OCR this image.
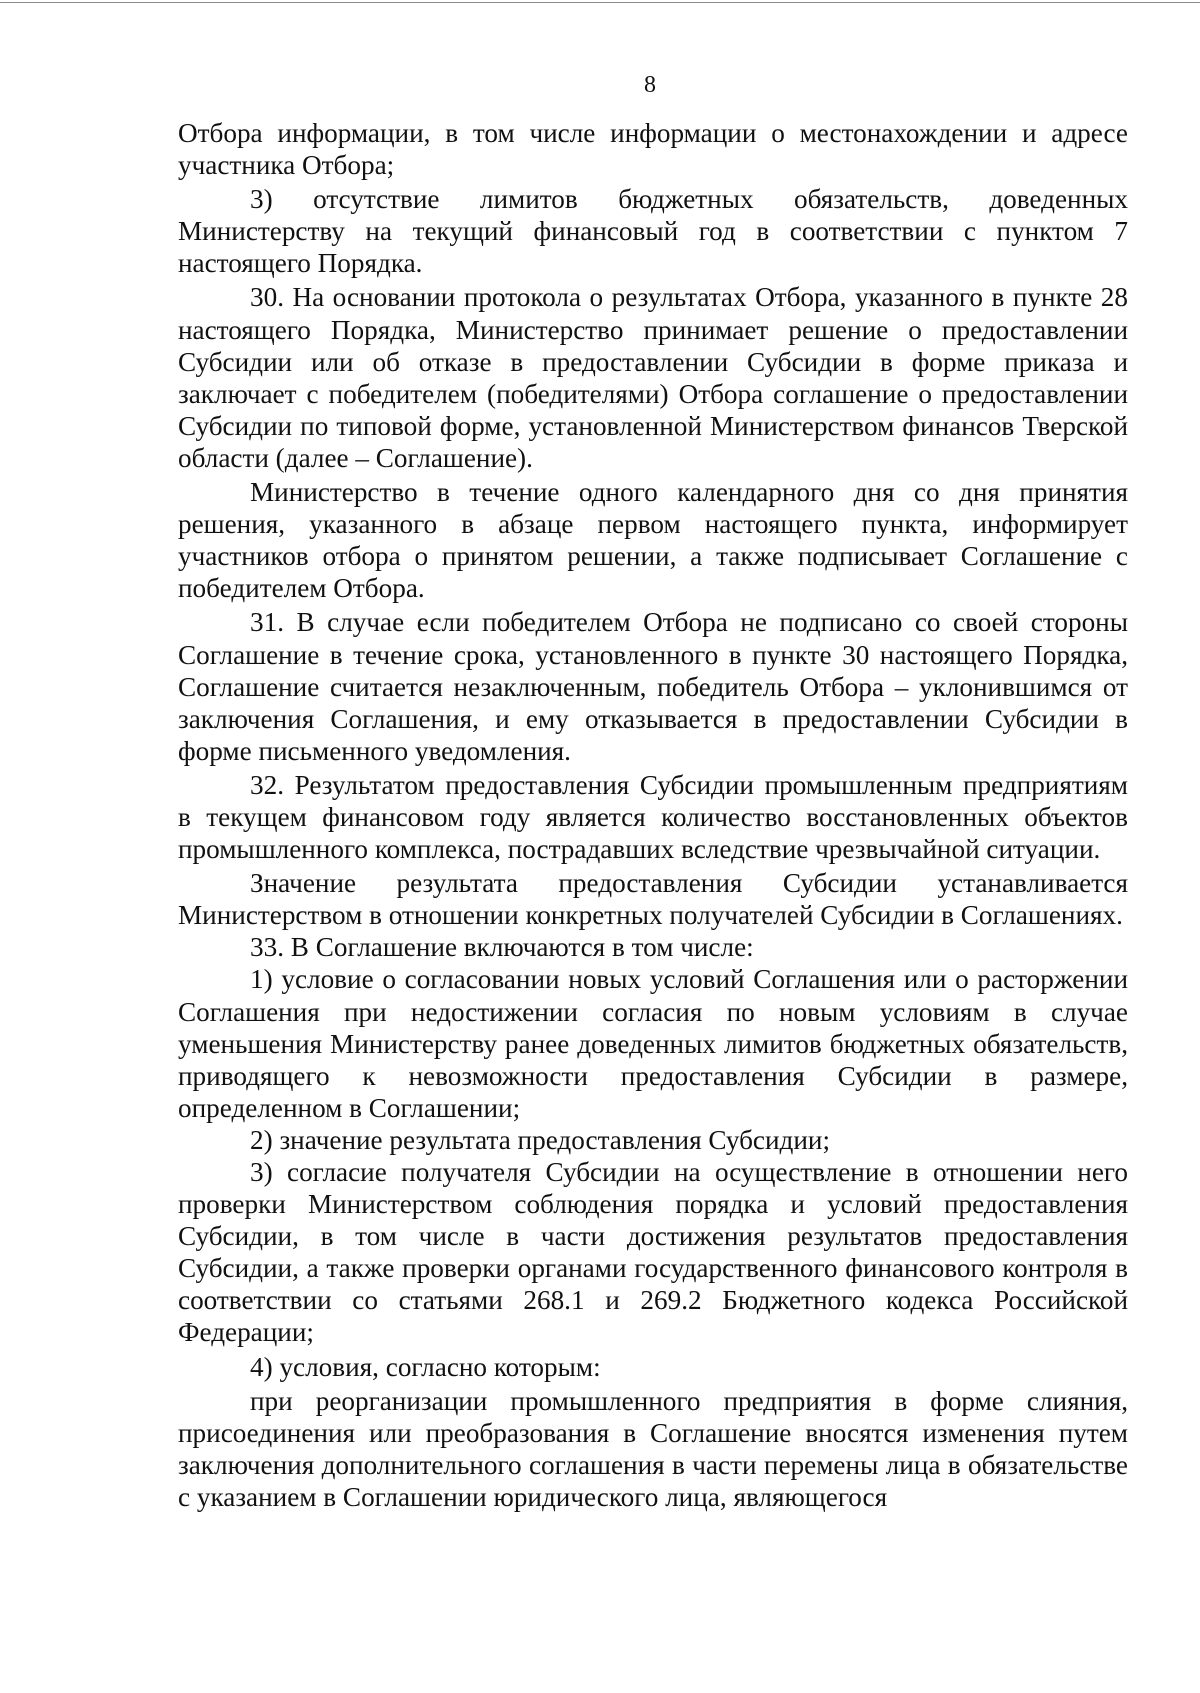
8

Отбора информации, в том числе информации о местонахождении и адресе участника Отбора;

3) отсутствие лимитов бюджетных обязательств, доведенных Министерству на текущий финансовый год в соответствии с пунктом 7 настоящего Порядка.

30. На основании протокола о результатах Отбора, указанного в пункте 28 настоящего Порядка, Министерство принимает решение о предоставлении Субсидии или об отказе в предоставлении Субсидии в форме приказа и заключает с победителем (победителями) Отбора соглашение о предоставлении Субсидии по типовой форме, установленной Министерством финансов Тверской области (далее – Соглашение).

Министерство в течение одного календарного дня со дня принятия решения, указанного в абзаце первом настоящего пункта, информирует участников отбора о принятом решении, а также подписывает Соглашение с победителем Отбора.

31. В случае если победителем Отбора не подписано со своей стороны Соглашение в течение срока, установленного в пункте 30 настоящего Порядка, Соглашение считается незаключенным, победитель Отбора – уклонившимся от заключения Соглашения, и ему отказывается в предоставлении Субсидии в форме письменного уведомления.

32. Результатом предоставления Субсидии промышленным предприятиям в текущем финансовом году является количество восстановленных объектов промышленного комплекса, пострадавших вследствие чрезвычайной ситуации.

Значение результата предоставления Субсидии устанавливается Министерством в отношении конкретных получателей Субсидии в Соглашениях.

33. В Соглашение включаются в том числе:

1) условие о согласовании новых условий Соглашения или о расторжении Соглашения при недостижении согласия по новым условиям в случае уменьшения Министерству ранее доведенных лимитов бюджетных обязательств, приводящего к невозможности предоставления Субсидии в размере, определенном в Соглашении;

2) значение результата предоставления Субсидии;

3) согласие получателя Субсидии на осуществление в отношении него проверки Министерством соблюдения порядка и условий предоставления Субсидии, в том числе в части достижения результатов предоставления Субсидии, а также проверки органами государственного финансового контроля в соответствии со статьями 268.1 и 269.2 Бюджетного кодекса Российской Федерации;

4) условия, согласно которым:

при реорганизации промышленного предприятия в форме слияния, присоединения или преобразования в Соглашение вносятся изменения путем заключения дополнительного соглашения в части перемены лица в обязательстве с указанием в Соглашении юридического лица, являющегося
